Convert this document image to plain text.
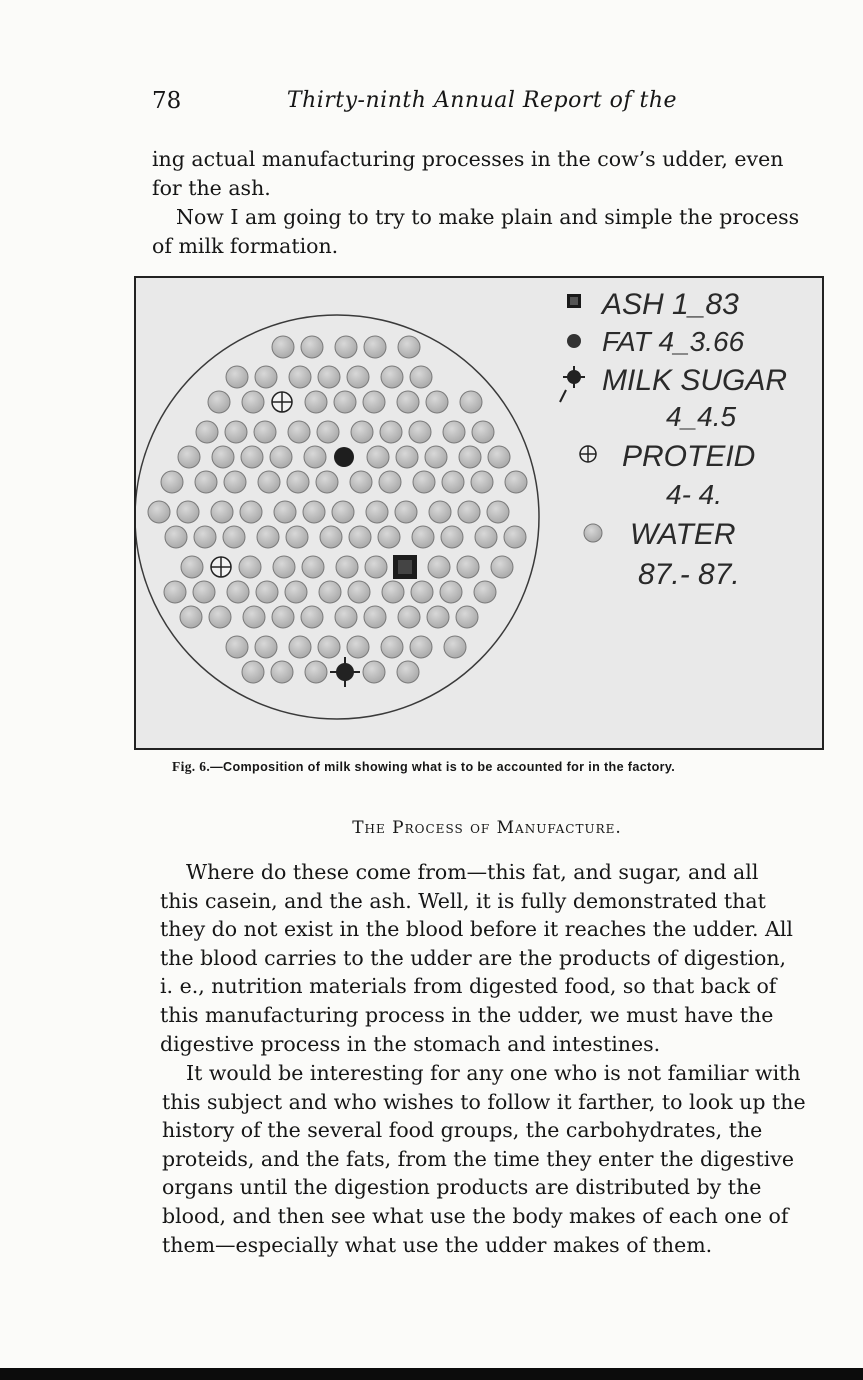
78	Thirty-ninth Annual Report of the

ing actual manufacturing processes in the cow’s udder, even
for the ash.

Now I am going to try to make plain and simple the process
of milk formation.

ASH 1_83
FAT 4_3.66
MILK SUGAR
4_4.5
PROTEID
4- 4.
WATER
87.- 87.
Fig. 6.—Composition of milk showing what is to be accounted for in the factory.
The Process of Manufacture.

Where do these come from—this fat, and sugar, and all
this casein, and the ash. Well, it is fully demonstrated that
they do not exist in the blood before it reaches the udder. All
the blood carries to the udder are the products of digestion,
i. e., nutrition materials from digested food, so that back of
this manufacturing process in the udder, we must have the
digestive process in the stomach and intestines.

It would be interesting for any one who is not familiar with
this subject and who wishes to follow it farther, to look up the
history of the several food groups, the carbohydrates, the
proteids, and the fats, from the time they enter the digestive
organs until the digestion products are distributed by the
blood, and then see what use the body makes of each one of
them—especially what use the udder makes of them.
